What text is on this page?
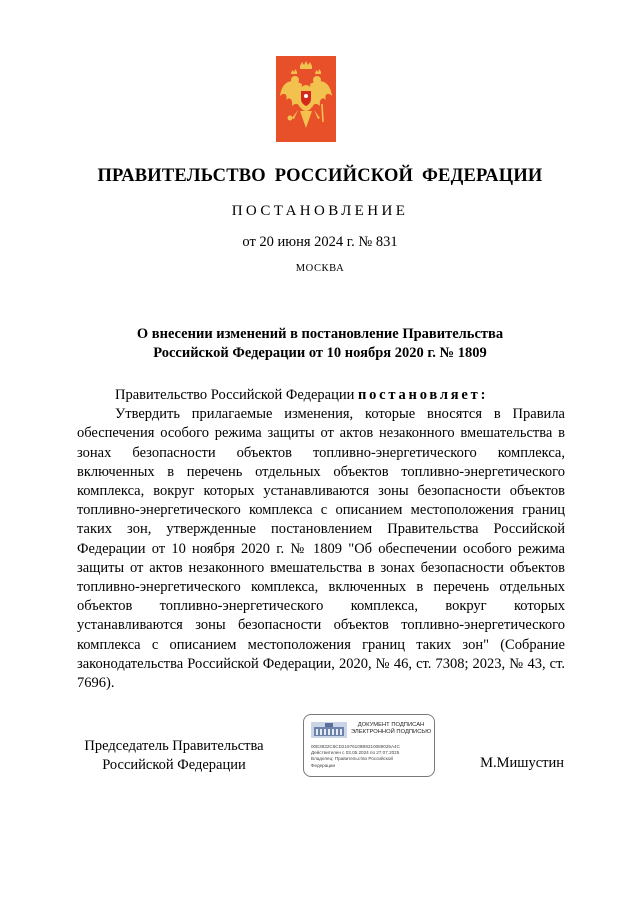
ПРАВИТЕЛЬСТВО РОССИЙСКОЙ ФЕДЕРАЦИИ
ПОСТАНОВЛЕНИЕ
от 20 июня 2024 г. № 831
МОСКВА
О внесении изменений в постановление Правительства
Российской Федерации от 10 ноября 2020 г. № 1809

Правительство Российской Федерации постановляет:

Утвердить прилагаемые изменения, которые вносятся в Правила обеспечения особого режима защиты от актов незаконного вмешательства в зонах безопасности объектов топливно-энергетического комплекса, включенных в перечень отдельных объектов топливно-энергетического комплекса, вокруг которых устанавливаются зоны безопасности объектов топливно-энергетического комплекса с описанием местоположения границ таких зон, утвержденные постановлением Правительства Российской Федерации от 10 ноября 2020 г. № 1809 "Об обеспечении особого режима защиты от актов незаконного вмешательства в зонах безопасности объектов топливно-энергетического комплекса, включенных в перечень отдельных объектов топливно-энергетического комплекса, вокруг которых устанавливаются зоны безопасности объектов топливно-энергетического комплекса с описанием местоположения границ таких зон" (Собрание законодательства Российской Федерации, 2020, № 46, ст. 7308; 2023, № 43, ст. 7696).

Председатель Правительства
Российской Федерации
ДОКУМЕНТ ПОДПИСАН
ЭЛЕКТРОННОЙ ПОДПИСЬЮ
00E3832C6CD21976109B9210089025A4C
Действителен с 03.05.2024 по 27.07.2025
Владелец: Правительство Российской
Федерации	М.Мишустин
